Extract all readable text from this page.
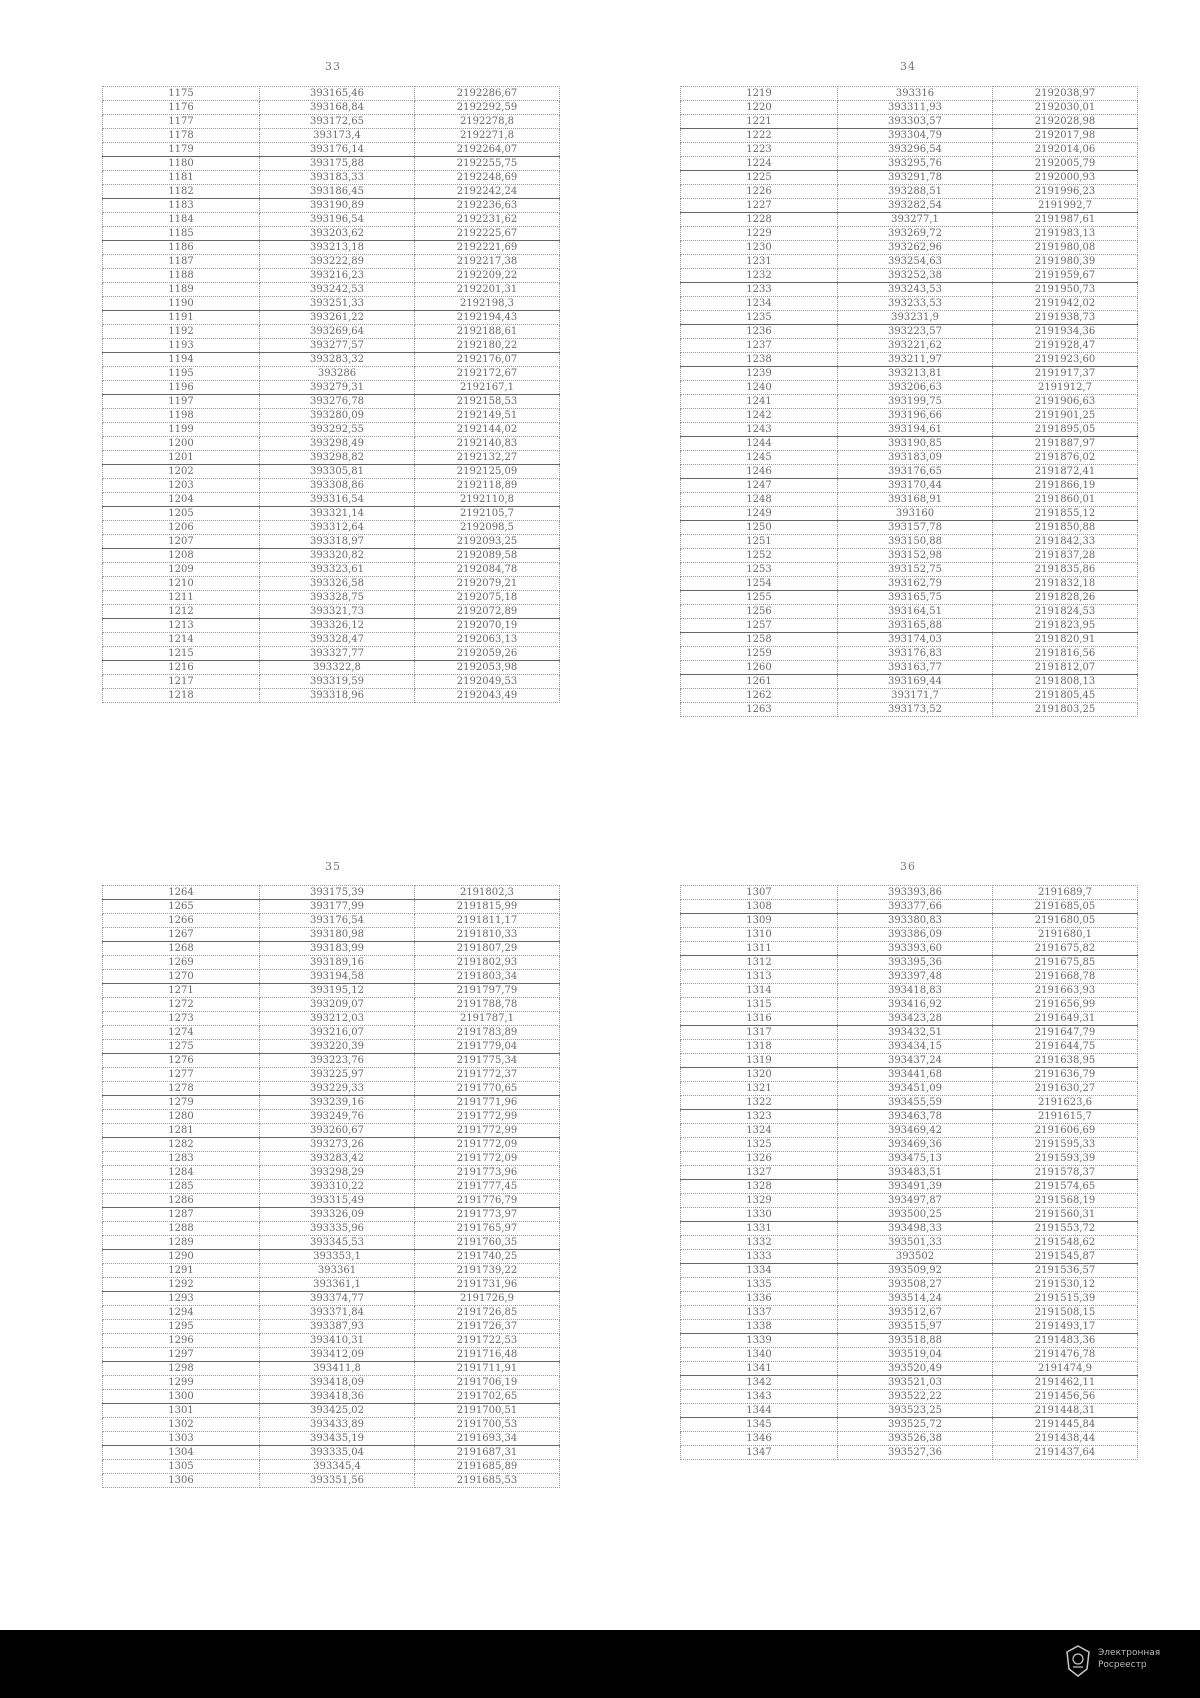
33
1175	393165,46	2192286,67
1176	393168,84	2192292,59
1177	393172,65	2192278,8
1178	393173,4	2192271,8
1179	393176,14	2192264,07
1180	393175,88	2192255,75
1181	393183,33	2192248,69
1182	393186,45	2192242,24
1183	393190,89	2192236,63
1184	393196,54	2192231,62
1185	393203,62	2192225,67
1186	393213,18	2192221,69
1187	393222,89	2192217,38
1188	393216,23	2192209,22
1189	393242,53	2192201,31
1190	393251,33	2192198,3
1191	393261,22	2192194,43
1192	393269,64	2192188,61
1193	393277,57	2192180,22
1194	393283,32	2192176,07
1195	393286	2192172,67
1196	393279,31	2192167,1
1197	393276,78	2192158,53
1198	393280,09	2192149,51
1199	393292,55	2192144,02
1200	393298,49	2192140,83
1201	393298,82	2192132,27
1202	393305,81	2192125,09
1203	393308,86	2192118,89
1204	393316,54	2192110,8
1205	393321,14	2192105,7
1206	393312,64	2192098,5
1207	393318,97	2192093,25
1208	393320,82	2192089,58
1209	393323,61	2192084,78
1210	393326,58	2192079,21
1211	393328,75	2192075,18
1212	393321,73	2192072,89
1213	393326,12	2192070,19
1214	393328,47	2192063,13
1215	393327,77	2192059,26
1216	393322,8	2192053,98
1217	393319,59	2192049,53
1218	393318,96	2192043,49
34
1219	393316	2192038,97
1220	393311,93	2192030,01
1221	393303,57	2192028,98
1222	393304,79	2192017,98
1223	393296,54	2192014,06
1224	393295,76	2192005,79
1225	393291,78	2192000,93
1226	393288,51	2191996,23
1227	393282,54	2191992,7
1228	393277,1	2191987,61
1229	393269,72	2191983,13
1230	393262,96	2191980,08
1231	393254,63	2191980,39
1232	393252,38	2191959,67
1233	393243,53	2191950,73
1234	393233,53	2191942,02
1235	393231,9	2191938,73
1236	393223,57	2191934,36
1237	393221,62	2191928,47
1238	393211,97	2191923,60
1239	393213,81	2191917,37
1240	393206,63	2191912,7
1241	393199,75	2191906,63
1242	393196,66	2191901,25
1243	393194,61	2191895,05
1244	393190,85	2191887,97
1245	393183,09	2191876,02
1246	393176,65	2191872,41
1247	393170,44	2191866,19
1248	393168,91	2191860,01
1249	393160	2191855,12
1250	393157,78	2191850,88
1251	393150,88	2191842,33
1252	393152,98	2191837,28
1253	393152,75	2191835,86
1254	393162,79	2191832,18
1255	393165,75	2191828,26
1256	393164,51	2191824,53
1257	393165,88	2191823,95
1258	393174,03	2191820,91
1259	393176,83	2191816,56
1260	393163,77	2191812,07
1261	393169,44	2191808,13
1262	393171,7	2191805,45
1263	393173,52	2191803,25
35
1264	393175,39	2191802,3
1265	393177,99	2191815,99
1266	393176,54	2191811,17
1267	393180,98	2191810,33
1268	393183,99	2191807,29
1269	393189,16	2191802,93
1270	393194,58	2191803,34
1271	393195,12	2191797,79
1272	393209,07	2191788,78
1273	393212,03	2191787,1
1274	393216,07	2191783,89
1275	393220,39	2191779,04
1276	393223,76	2191775,34
1277	393225,97	2191772,37
1278	393229,33	2191770,65
1279	393239,16	2191771,96
1280	393249,76	2191772,99
1281	393260,67	2191772,99
1282	393273,26	2191772,09
1283	393283,42	2191772,09
1284	393298,29	2191773,96
1285	393310,22	2191777,45
1286	393315,49	2191776,79
1287	393326,09	2191773,97
1288	393335,96	2191765,97
1289	393345,53	2191760,35
1290	393353,1	2191740,25
1291	393361	2191739,22
1292	393361,1	2191731,96
1293	393374,77	2191726,9
1294	393371,84	2191726,85
1295	393387,93	2191726,37
1296	393410,31	2191722,53
1297	393412,09	2191716,48
1298	393411,8	2191711,91
1299	393418,09	2191706,19
1300	393418,36	2191702,65
1301	393425,02	2191700,51
1302	393433,89	2191700,53
1303	393435,19	2191693,34
1304	393335,04	2191687,31
1305	393345,4	2191685,89
1306	393351,56	2191685,53
36
1307	393393,86	2191689,7
1308	393377,66	2191685,05
1309	393380,83	2191680,05
1310	393386,09	2191680,1
1311	393393,60	2191675,82
1312	393395,36	2191675,85
1313	393397,48	2191668,78
1314	393418,83	2191663,93
1315	393416,92	2191656,99
1316	393423,28	2191649,31
1317	393432,51	2191647,79
1318	393434,15	2191644,75
1319	393437,24	2191638,95
1320	393441,68	2191636,79
1321	393451,09	2191630,27
1322	393455,59	2191623,6
1323	393463,78	2191615,7
1324	393469,42	2191606,69
1325	393469,36	2191595,33
1326	393475,13	2191593,39
1327	393483,51	2191578,37
1328	393491,39	2191574,65
1329	393497,87	2191568,19
1330	393500,25	2191560,31
1331	393498,33	2191553,72
1332	393501,33	2191548,62
1333	393502	2191545,87
1334	393509,92	2191536,57
1335	393508,27	2191530,12
1336	393514,24	2191515,39
1337	393512,67	2191508,15
1338	393515,97	2191493,17
1339	393518,88	2191483,36
1340	393519,04	2191476,78
1341	393520,49	2191474,9
1342	393521,03	2191462,11
1343	393522,22	2191456,56
1344	393523,25	2191448,31
1345	393525,72	2191445,84
1346	393526,38	2191438,44
1347	393527,36	2191437,64
Электронная
Росреестр
